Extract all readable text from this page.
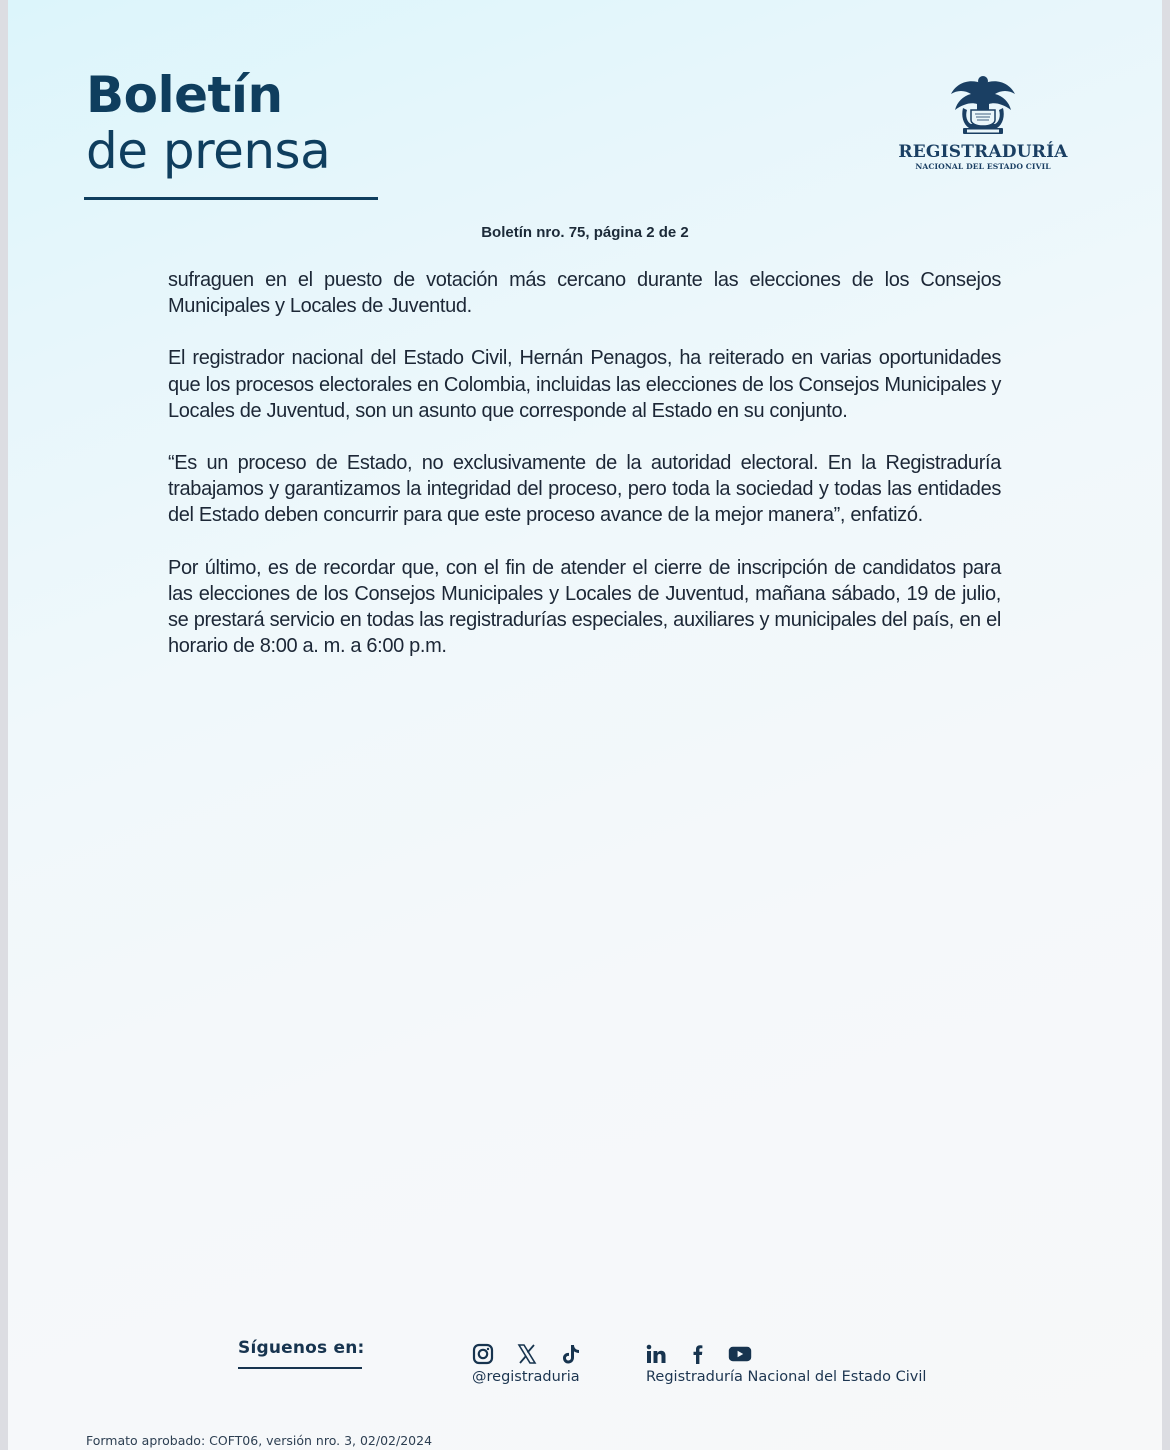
Boletín
de prensa	REGISTRADURÍA
NACIONAL DEL ESTADO CIVIL
Boletín nro. 75, página 2 de 2

sufraguen en el puesto de votación más cercano durante las elecciones de los Consejos Municipales y Locales de Juventud.

El registrador nacional del Estado Civil, Hernán Penagos, ha reiterado en varias oportunidades que los procesos electorales en Colombia, incluidas las elecciones de los Consejos Municipales y Locales de Juventud, son un asunto que corresponde al Estado en su conjunto.

“Es un proceso de Estado, no exclusivamente de la autoridad electoral. En la Registraduría trabajamos y garantizamos la integridad del proceso, pero toda la sociedad y todas las entidades del Estado deben concurrir para que este proceso avance de la mejor manera”, enfatizó.

Por último, es de recordar que, con el fin de atender el cierre de inscripción de candidatos para las elecciones de los Consejos Municipales y Locales de Juventud, mañana sábado, 19 de julio, se prestará servicio en todas las registradurías especiales, auxiliares y municipales del país, en el horario de 8:00 a. m. a 6:00 p.m.

Síguenos en:
@registraduria	Registraduría Nacional del Estado Civil
Formato aprobado: COFT06, versión nro. 3, 02/02/2024
